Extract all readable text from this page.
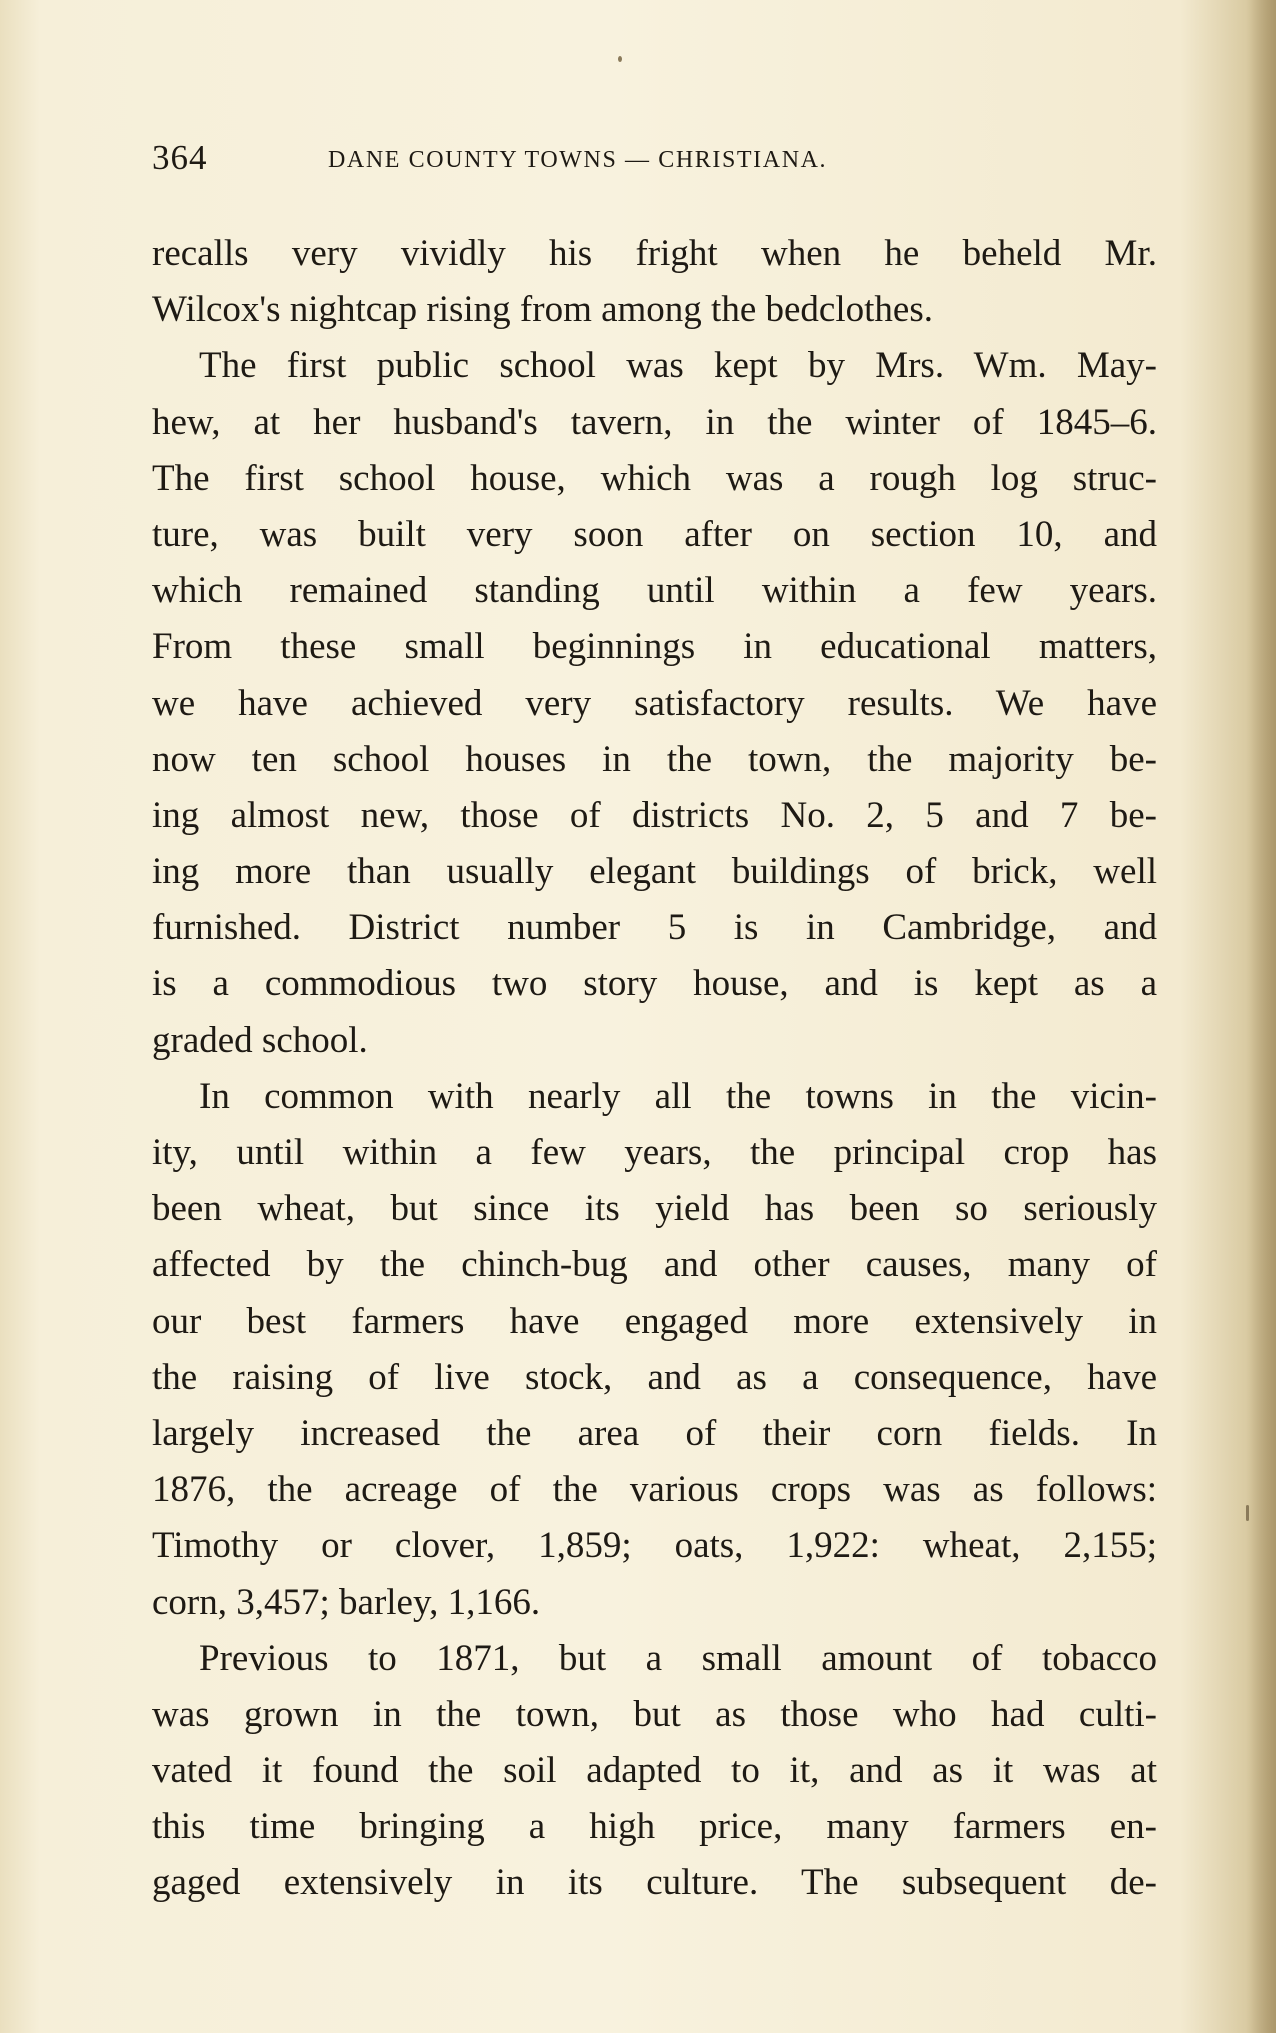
364	DANE COUNTY TOWNS — CHRISTIANA.
recalls very vividly his fright when he beheld Mr.
Wilcox's nightcap rising from among the bedclothes.
The first public school was kept by Mrs. Wm. May-
hew, at her husband's tavern, in the winter of 1845–6.
The first school house, which was a rough log struc-
ture, was built very soon after on section 10, and
which remained standing until within a few years.
From these small beginnings in educational matters,
we have achieved very satisfactory results. We have
now ten school houses in the town, the majority be-
ing almost new, those of districts No. 2, 5 and 7 be-
ing more than usually elegant buildings of brick, well
furnished. District number 5 is in Cambridge, and
is a commodious two story house, and is kept as a
graded school.
In common with nearly all the towns in the vicin-
ity, until within a few years, the principal crop has
been wheat, but since its yield has been so seriously
affected by the chinch-bug and other causes, many of
our best farmers have engaged more extensively in
the raising of live stock, and as a consequence, have
largely increased the area of their corn fields. In
1876, the acreage of the various crops was as follows:
Timothy or clover, 1,859; oats, 1,922: wheat, 2,155;
corn, 3,457; barley, 1,166.
Previous to 1871, but a small amount of tobacco
was grown in the town, but as those who had culti-
vated it found the soil adapted to it, and as it was at
this time bringing a high price, many farmers en-
gaged extensively in its culture. The subsequent de-
